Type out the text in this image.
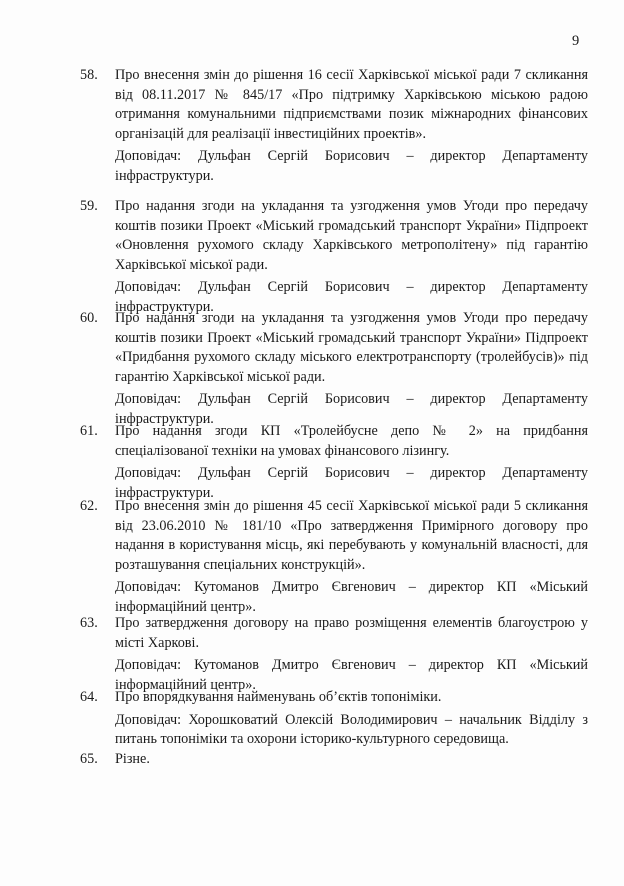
9
58.	Про внесення змін до рішення 16 сесії Харківської міської ради 7 скликання від 08.11.2017 № 845/17 «Про підтримку Харківською міською радою отримання комунальними підприємствами позик міжнародних фінансових організацій для реалізації інвестиційних проектів».

Доповідач: Дульфан Сергій Борисович – директор Департаменту інфраструктури.

59.	Про надання згоди на укладання та узгодження умов Угоди про передачу коштів позики Проект «Міський громадський транспорт України» Підпроект «Оновлення рухомого складу Харківського метрополітену» під гарантію Харківської міської ради.

Доповідач: Дульфан Сергій Борисович – директор Департаменту інфраструктури.

60.	Про надання згоди на укладання та узгодження умов Угоди про передачу коштів позики Проект «Міський громадський транспорт України» Підпроект «Придбання рухомого складу міського електротранспорту (тролейбусів)» під гарантію Харківської міської ради.

Доповідач: Дульфан Сергій Борисович – директор Департаменту інфраструктури.

61.	Про надання згоди КП «Тролейбусне депо № 2» на придбання спеціалізованої техніки на умовах фінансового лізингу.

Доповідач: Дульфан Сергій Борисович – директор Департаменту інфраструктури.

62.	Про внесення змін до рішення 45 сесії Харківської міської ради 5 скликання від 23.06.2010 № 181/10 «Про затвердження Примірного договору про надання в користування місць, які перебувають у комунальній власності, для розташування спеціальних конструкцій».

Доповідач: Кутоманов Дмитро Євгенович – директор КП «Міський інформаційний центр».

63.	Про затвердження договору на право розміщення елементів благоустрою у місті Харкові.

Доповідач: Кутоманов Дмитро Євгенович – директор КП «Міський інформаційний центр».

64.	Про впорядкування найменувань об’єктів топоніміки.

Доповідач: Хорошкoватий Олексій Володимирович – начальник Відділу з питань топоніміки та охорони історико-культурного середовища.

65.	Різне.
